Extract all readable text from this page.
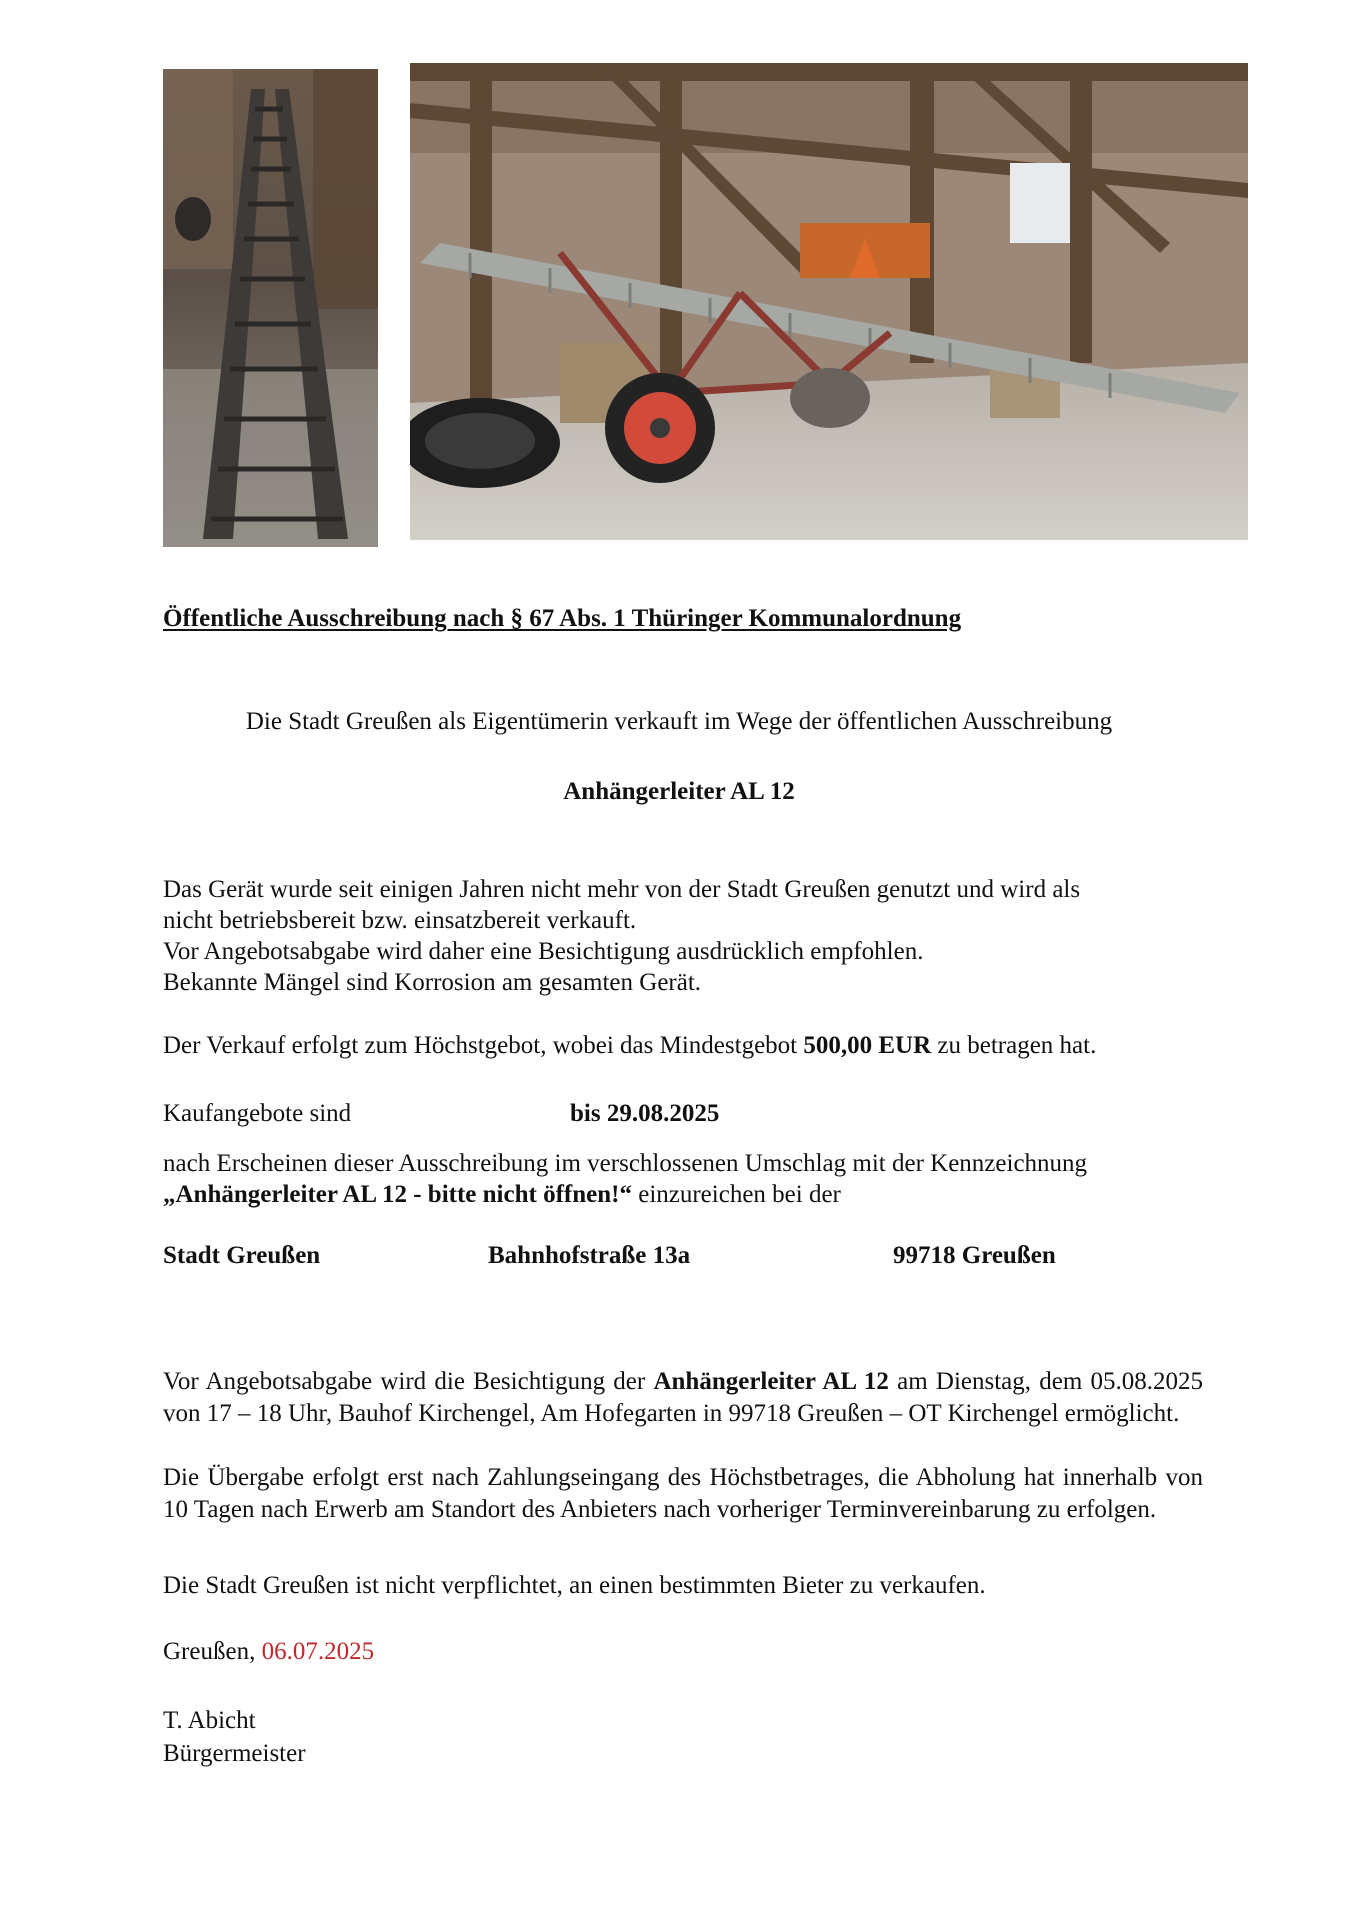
Öffentliche Ausschreibung nach § 67 Abs. 1 Thüringer Kommunalordnung
Die Stadt Greußen als Eigentümerin verkauft im Wege der öffentlichen Ausschreibung
Anhängerleiter AL 12
Das Gerät wurde seit einigen Jahren nicht mehr von der Stadt Greußen genutzt und wird als
nicht betriebsbereit bzw. einsatzbereit verkauft.
Vor Angebotsabgabe wird daher eine Besichtigung ausdrücklich empfohlen.
Bekannte Mängel sind Korrosion am gesamten Gerät.
Der Verkauf erfolgt zum Höchstgebot, wobei das Mindestgebot 500,00 EUR zu betragen hat.
Kaufangebote sind	bis 29.08.2025
nach Erscheinen dieser Ausschreibung im verschlossenen Umschlag mit der Kennzeichnung
„Anhängerleiter AL 12 - bitte nicht öffnen!“ einzureichen bei der
Stadt Greußen	Bahnhofstraße 13a	99718 Greußen
Vor Angebotsabgabe wird die Besichtigung der Anhängerleiter AL 12 am Dienstag, dem 05.08.2025 von 17 – 18 Uhr, Bauhof Kirchengel, Am Hofegarten in 99718 Greußen – OT Kirchengel ermöglicht.
Die Übergabe erfolgt erst nach Zahlungseingang des Höchstbetrages, die Abholung hat innerhalb von 10 Tagen nach Erwerb am Standort des Anbieters nach vorheriger Terminvereinbarung zu erfolgen.
Die Stadt Greußen ist nicht verpflichtet, an einen bestimmten Bieter zu verkaufen.
Greußen, 06.07.2025
T. Abicht
Bürgermeister
